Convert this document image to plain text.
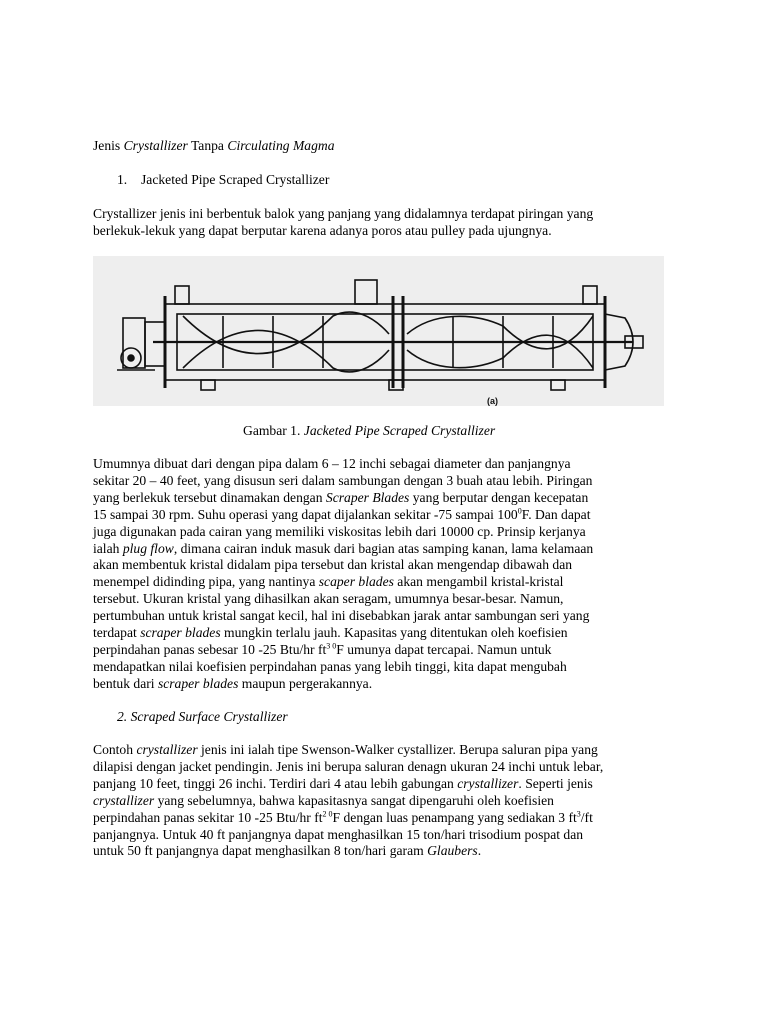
Jenis Crystallizer Tanpa Circulating Magma
1. Jacketed Pipe Scraped Crystallizer
Crystallizer jenis ini berbentuk balok yang panjang yang didalamnya terdapat piringan yang
berlekuk-lekuk yang dapat berputar karena adanya poros atau pulley pada ujungnya.
(a)
Gambar 1. Jacketed Pipe Scraped Crystallizer
Umumnya dibuat dari dengan pipa dalam 6 – 12 inchi sebagai diameter dan panjangnya
sekitar 20 – 40 feet, yang disusun seri dalam sambungan dengan 3 buah atau lebih. Piringan
yang berlekuk tersebut dinamakan dengan Scraper Blades yang berputar dengan kecepatan
15 sampai 30 rpm. Suhu operasi yang dapat dijalankan sekitar -75 sampai $100^0F$. Dan dapat
juga digunakan pada cairan yang memiliki viskositas lebih dari 10000 cp. Prinsip kerjanya
ialah plug flow, dimana cairan induk masuk dari bagian atas samping kanan, lama kelamaan
akan membentuk kristal didalam pipa tersebut dan kristal akan mengendap dibawah dan
menempel didinding pipa, yang nantinya scaper blades akan mengambil kristal-kristal
tersebut. Ukuran kristal yang dihasilkan akan seragam, umumnya besar-besar. Namun,
pertumbuhan untuk kristal sangat kecil, hal ini disebabkan jarak antar sambungan seri yang
terdapat scraper blades mungkin terlalu jauh. Kapasitas yang ditentukan oleh koefisien
perpindahan panas sebesar 10 -25 Btu/hr $ft^{3 0}F$ umunya dapat tercapai. Namun untuk
mendapatkan nilai koefisien perpindahan panas yang lebih tinggi, kita dapat mengubah
bentuk dari scraper blades maupun pergerakannya.
2. Scraped Surface Crystallizer
Contoh crystallizer jenis ini ialah tipe Swenson-Walker cystallizer. Berupa saluran pipa yang
dilapisi dengan jacket pendingin. Jenis ini berupa saluran denagn ukuran 24 inchi untuk lebar,
panjang 10 feet, tinggi 26 inchi. Terdiri dari 4 atau lebih gabungan crystallizer. Seperti jenis
crystallizer yang sebelumnya, bahwa kapasitasnya sangat dipengaruhi oleh koefisien
perpindahan panas sekitar 10 -25 Btu/hr $ft^{2 0}F$ dengan luas penampang yang sediakan 3 $ft^3/ft$
panjangnya. Untuk 40 ft panjangnya dapat menghasilkan 15 ton/hari trisodium pospat dan
untuk 50 ft panjangnya dapat menghasilkan 8 ton/hari garam Glaubers.
